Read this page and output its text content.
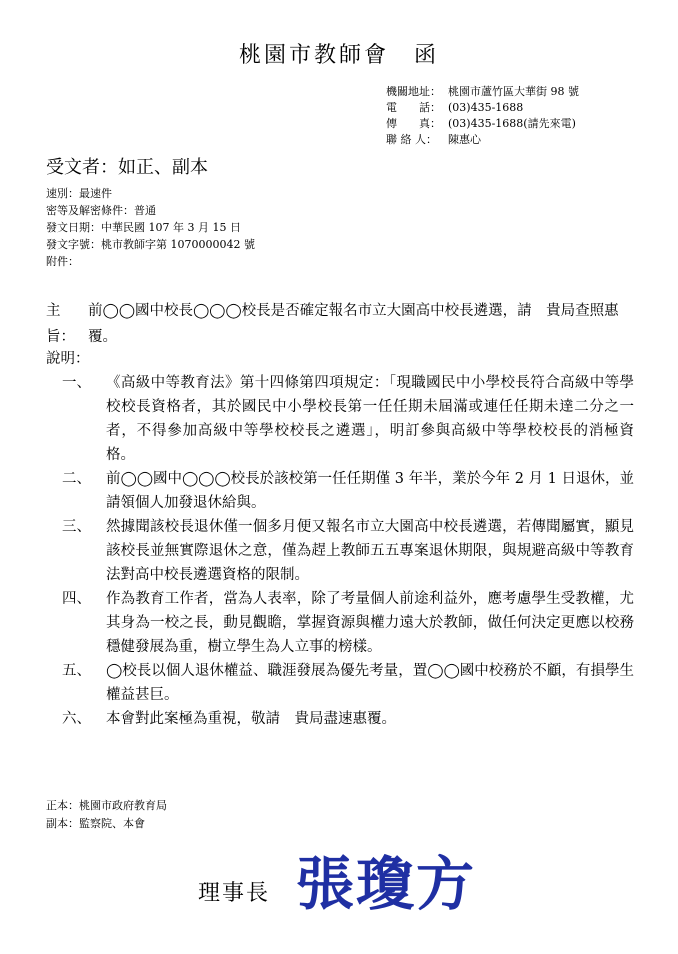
桃園市教師會　函
機關地址： 桃園市蘆竹區大華街 98 號
電　　話： (03)435-1688
傳　　真： (03)435-1688(請先來電)
聯 絡 人：	陳惠心
受文者：如正、副本
速別：最速件
密等及解密條件：普通
發文日期：中華民國 107 年 3 月 15 日
發文字號：桃市教師字第 1070000042 號
附件：
主旨：
前◯◯國中校長◯◯◯校長是否確定報名市立大園高中校長遴選，請　貴局查照惠覆。
說明：
一、	《高級中等教育法》第十四條第四項規定：「現職國民中小學校長符合高級中等學校校長資格者，其於國民中小學校長第一任任期未屆滿或連任任期未達二分之一者，不得參加高級中等學校校長之遴選」，明訂參與高級中等學校校長的消極資格。
二、	前◯◯國中◯◯◯校長於該校第一任任期僅 3 年半，業於今年 2 月 1 日退休，並請領個人加發退休給與。
三、	然據聞該校長退休僅一個多月便又報名市立大園高中校長遴選，若傳聞屬實，顯見該校長並無實際退休之意，僅為趕上教師五五專案退休期限，與規避高級中等教育法對高中校長遴選資格的限制。
四、	作為教育工作者，當為人表率，除了考量個人前途利益外，應考慮學生受教權，尤其身為一校之長，動見觀瞻，掌握資源與權力遠大於教師，做任何決定更應以校務穩健發展為重，樹立學生為人立事的榜樣。
五、	◯校長以個人退休權益、職涯發展為優先考量，置◯◯國中校務於不顧，有損學生權益甚巨。
六、	本會對此案極為重視，敬請　貴局盡速惠覆。
正本：桃園市政府教育局
副本：監察院、本會
理事長 張瓊方
